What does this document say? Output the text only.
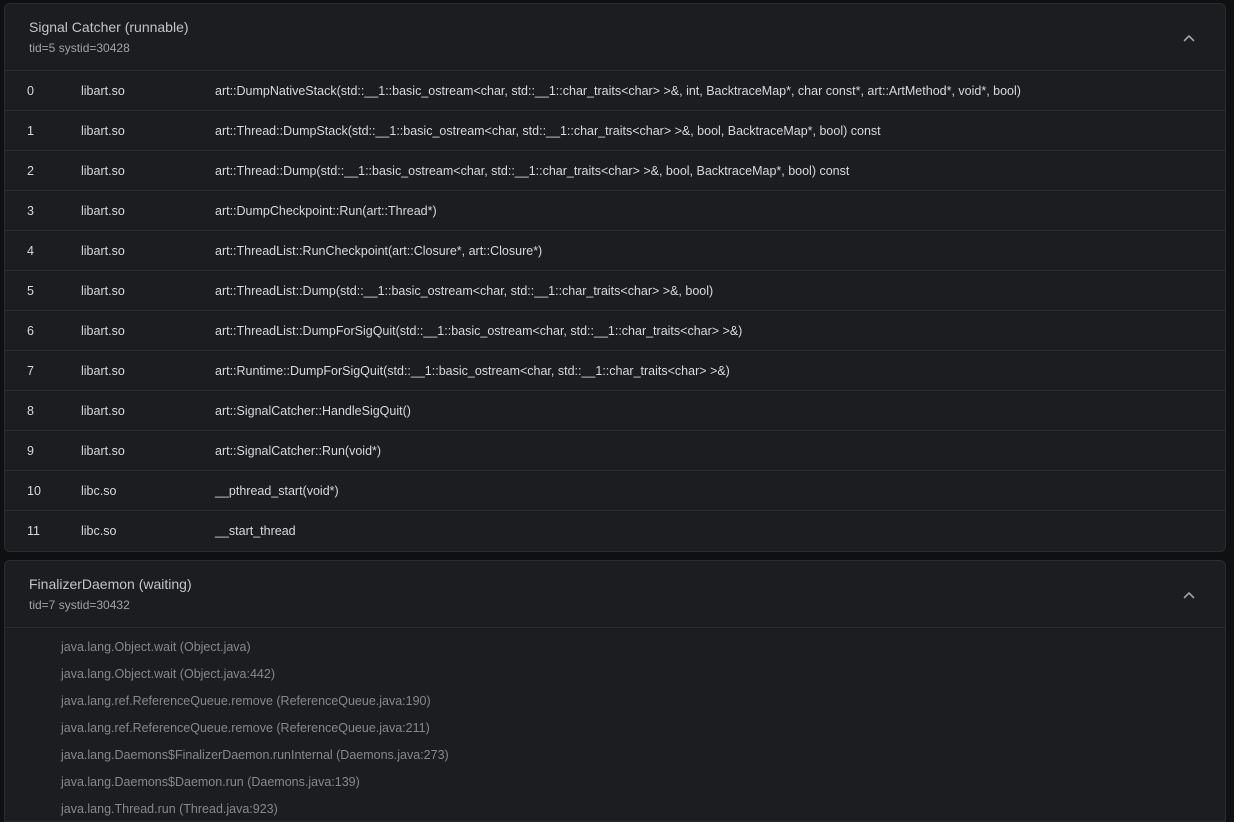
Signal Catcher (runnable)
tid=5 systid=30428
0	libart.so	art::DumpNativeStack(std::__1::basic_ostream<char, std::__1::char_traits<char> >&, int, BacktraceMap*, char const*, art::ArtMethod*, void*, bool)
1	libart.so	art::Thread::DumpStack(std::__1::basic_ostream<char, std::__1::char_traits<char> >&, bool, BacktraceMap*, bool) const
2	libart.so	art::Thread::Dump(std::__1::basic_ostream<char, std::__1::char_traits<char> >&, bool, BacktraceMap*, bool) const
3	libart.so	art::DumpCheckpoint::Run(art::Thread*)
4	libart.so	art::ThreadList::RunCheckpoint(art::Closure*, art::Closure*)
5	libart.so	art::ThreadList::Dump(std::__1::basic_ostream<char, std::__1::char_traits<char> >&, bool)
6	libart.so	art::ThreadList::DumpForSigQuit(std::__1::basic_ostream<char, std::__1::char_traits<char> >&)
7	libart.so	art::Runtime::DumpForSigQuit(std::__1::basic_ostream<char, std::__1::char_traits<char> >&)
8	libart.so	art::SignalCatcher::HandleSigQuit()
9	libart.so	art::SignalCatcher::Run(void*)
10	libc.so	__pthread_start(void*)
11	libc.so	__start_thread
FinalizerDaemon (waiting)
tid=7 systid=30432
java.lang.Object.wait (Object.java)
java.lang.Object.wait (Object.java:442)
java.lang.ref.ReferenceQueue.remove (ReferenceQueue.java:190)
java.lang.ref.ReferenceQueue.remove (ReferenceQueue.java:211)
java.lang.Daemons$FinalizerDaemon.runInternal (Daemons.java:273)
java.lang.Daemons$Daemon.run (Daemons.java:139)
java.lang.Thread.run (Thread.java:923)
